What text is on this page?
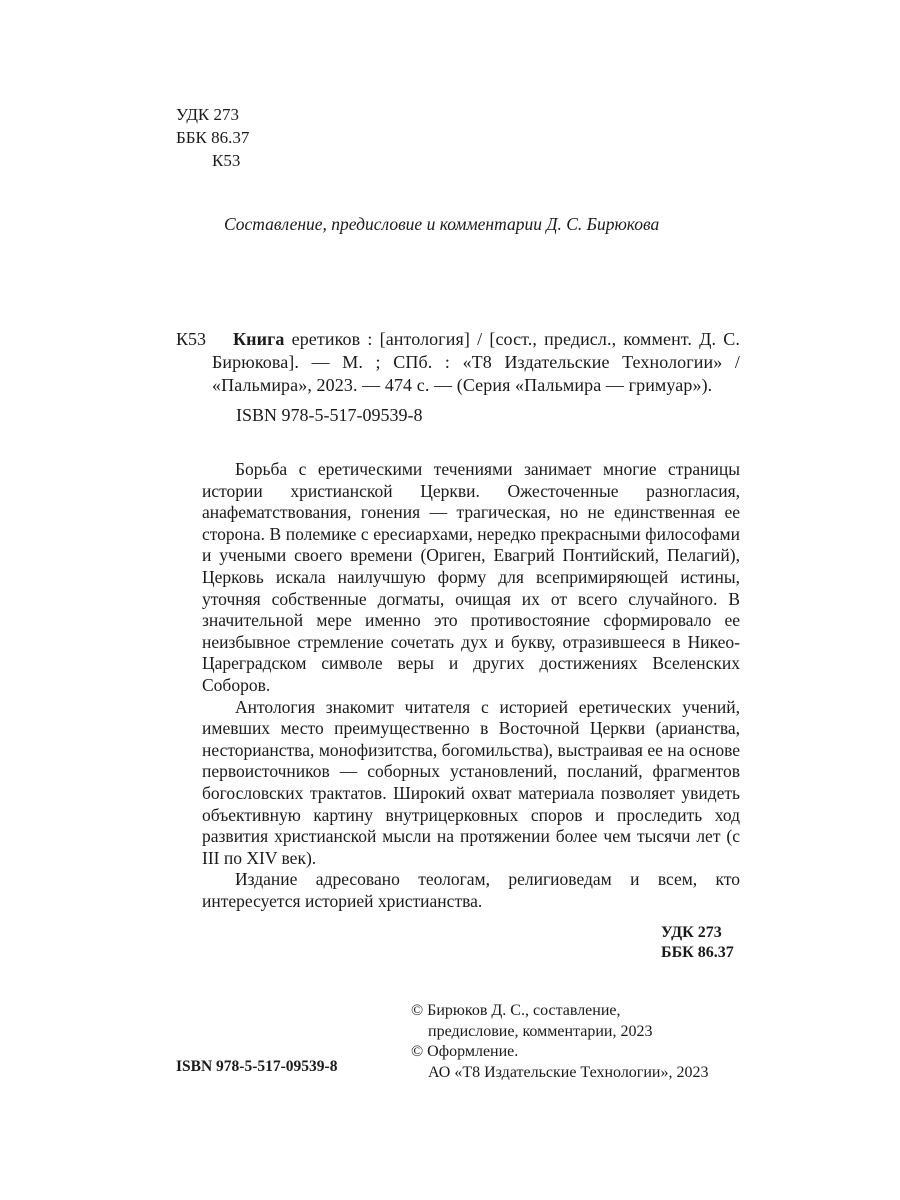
УДК 273
ББК 86.37
К53
Составление, предисловие и комментарии Д. С. Бирюкова
К53	Книга еретиков : [антология] / [сост., предисл., коммент. Д. С. Бирюкова]. — М. ; СПб. : «Т8 Издательские Технологии» / «Пальмира», 2023. — 474 с. — (Серия «Пальмира — гримуар»).
ISBN 978-5-517-09539-8

Борьба с еретическими течениями занимает многие страницы истории христианской Церкви. Ожесточенные разногласия, анафематствования, гонения — трагическая, но не единственная ее сторона. В полемике с ересиархами, нередко прекрасными философами и учеными своего времени (Ориген, Евагрий Понтийский, Пелагий), Церковь искала наилучшую форму для всепримиряющей истины, уточняя собственные догматы, очищая их от всего случайного. В значительной мере именно это противостояние сформировало ее неизбывное стремление сочетать дух и букву, отразившееся в Никео-Цареградском символе веры и других достижениях Вселенских Соборов.

Антология знакомит читателя с историей еретических учений, имевших место преимущественно в Восточной Церкви (арианства, несторианства, монофизитства, богомильства), выстраивая ее на основе первоисточников — соборных установлений, посланий, фрагментов богословских трактатов. Широкий охват материала позволяет увидеть объективную картину внутрицерковных споров и проследить ход развития христианской мысли на протяжении более чем тысячи лет (с III по XIV век).

Издание адресовано теологам, религиоведам и всем, кто интересуется историей христианства.

УДК 273
ББК 86.37
© Бирюков Д. С., составление,
предисловие, комментарии, 2023
© Оформление.
АО «Т8 Издательские Технологии», 2023
ISBN 978-5-517-09539-8
